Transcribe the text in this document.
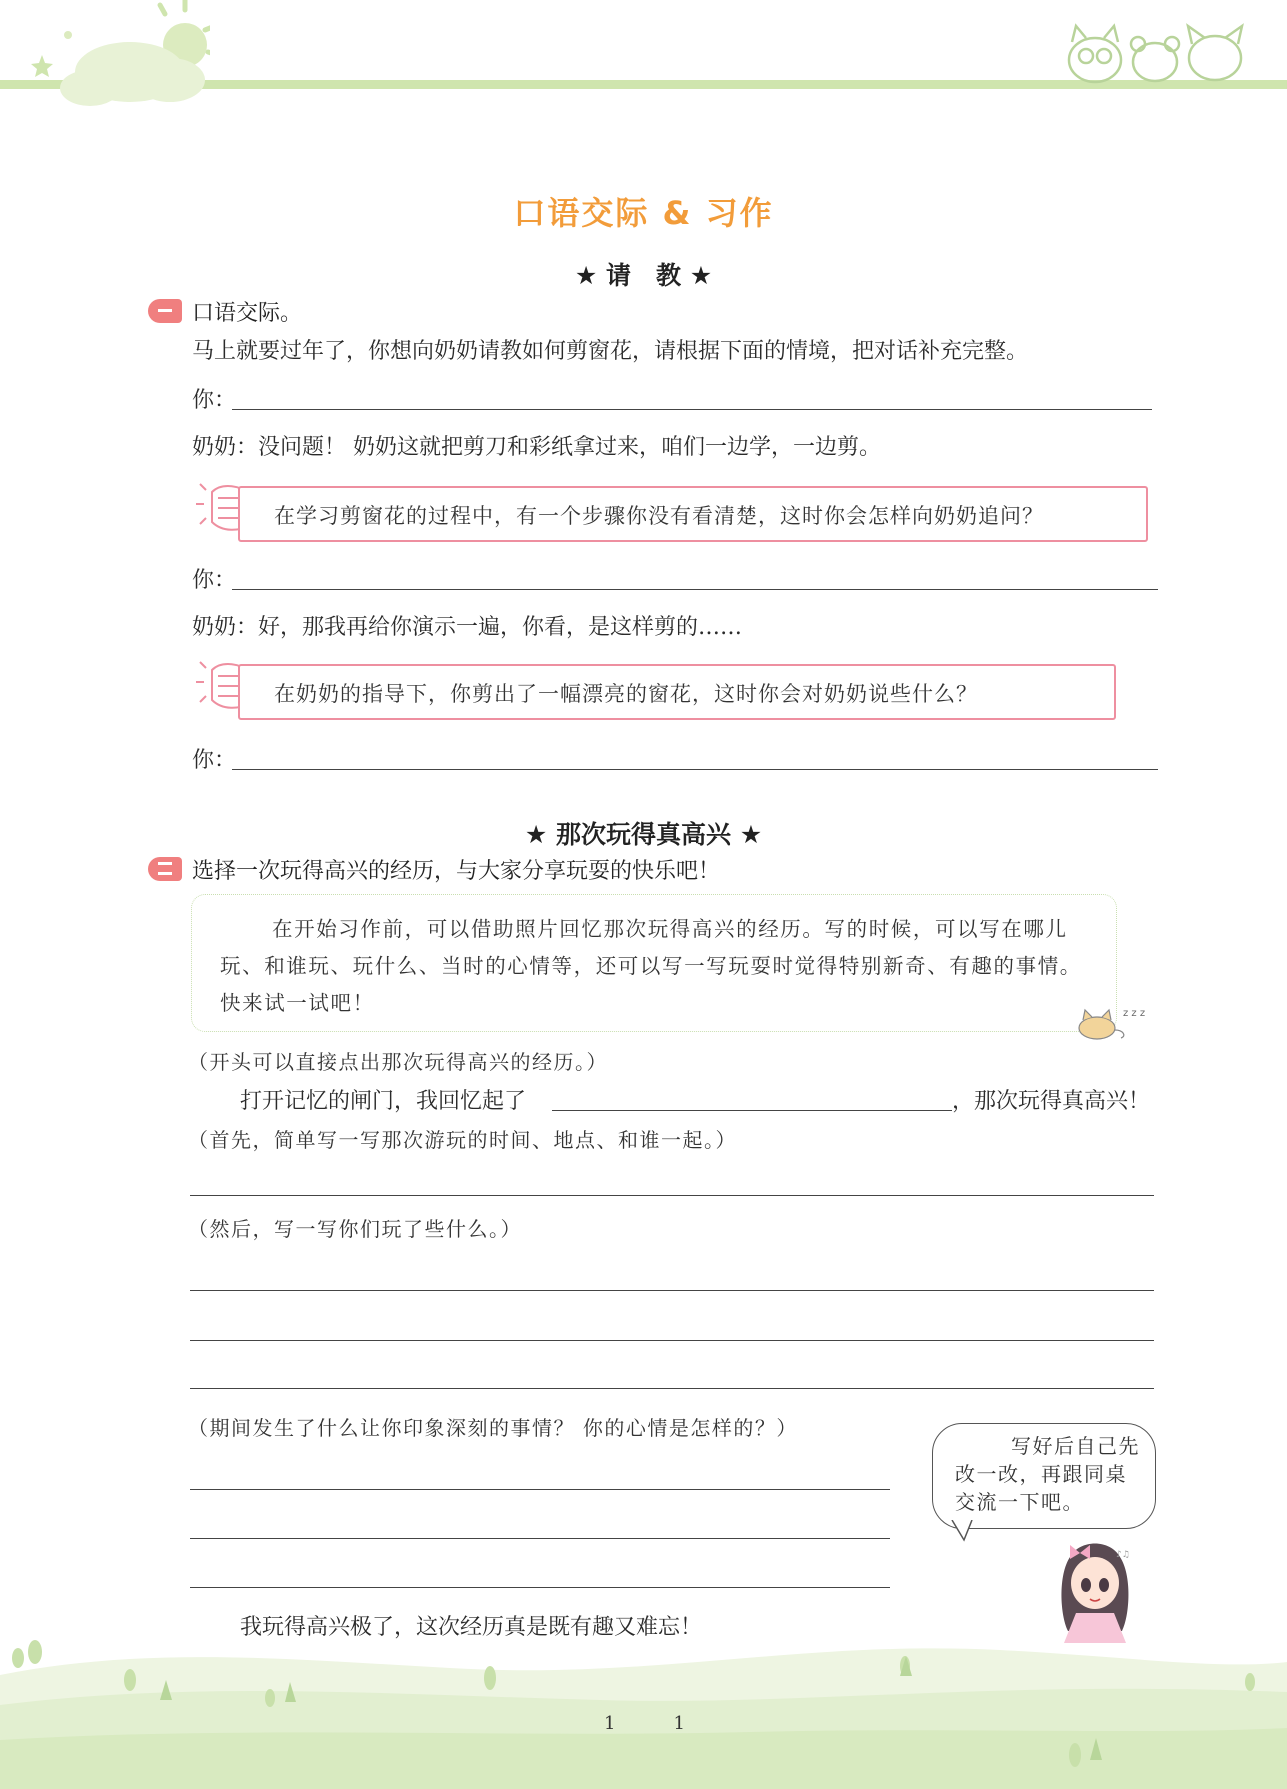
口语交际 & 习作
★ 请　教 ★
口语交际。
马上就要过年了，你想向奶奶请教如何剪窗花，请根据下面的情境，把对话补充完整。
你：
奶奶：没问题！ 奶奶这就把剪刀和彩纸拿过来，咱们一边学，一边剪。
在学习剪窗花的过程中，有一个步骤你没有看清楚，这时你会怎样向奶奶追问？
你：
奶奶：好，那我再给你演示一遍，你看，是这样剪的……
在奶奶的指导下，你剪出了一幅漂亮的窗花，这时你会对奶奶说些什么？
你：
★ 那次玩得真高兴 ★
选择一次玩得高兴的经历，与大家分享玩耍的快乐吧！
在开始习作前，可以借助照片回忆那次玩得高兴的经历。写的时候，可以写在哪儿玩、和谁玩、玩什么、当时的心情等，还可以写一写玩耍时觉得特别新奇、有趣的事情。快来试一试吧！	z z z
（开头可以直接点出那次玩得高兴的经历。）
打开记忆的闸门，我回忆起了	，那次玩得真高兴！
（首先，简单写一写那次游玩的时间、地点、和谁一起。）
（然后，写一写你们玩了些什么。）
（期间发生了什么让你印象深刻的事情？ 你的心情是怎样的？）
写好后自己先改一改，再跟同桌交流一下吧。
♪♫
我玩得高兴极了，这次经历真是既有趣又难忘！
11
